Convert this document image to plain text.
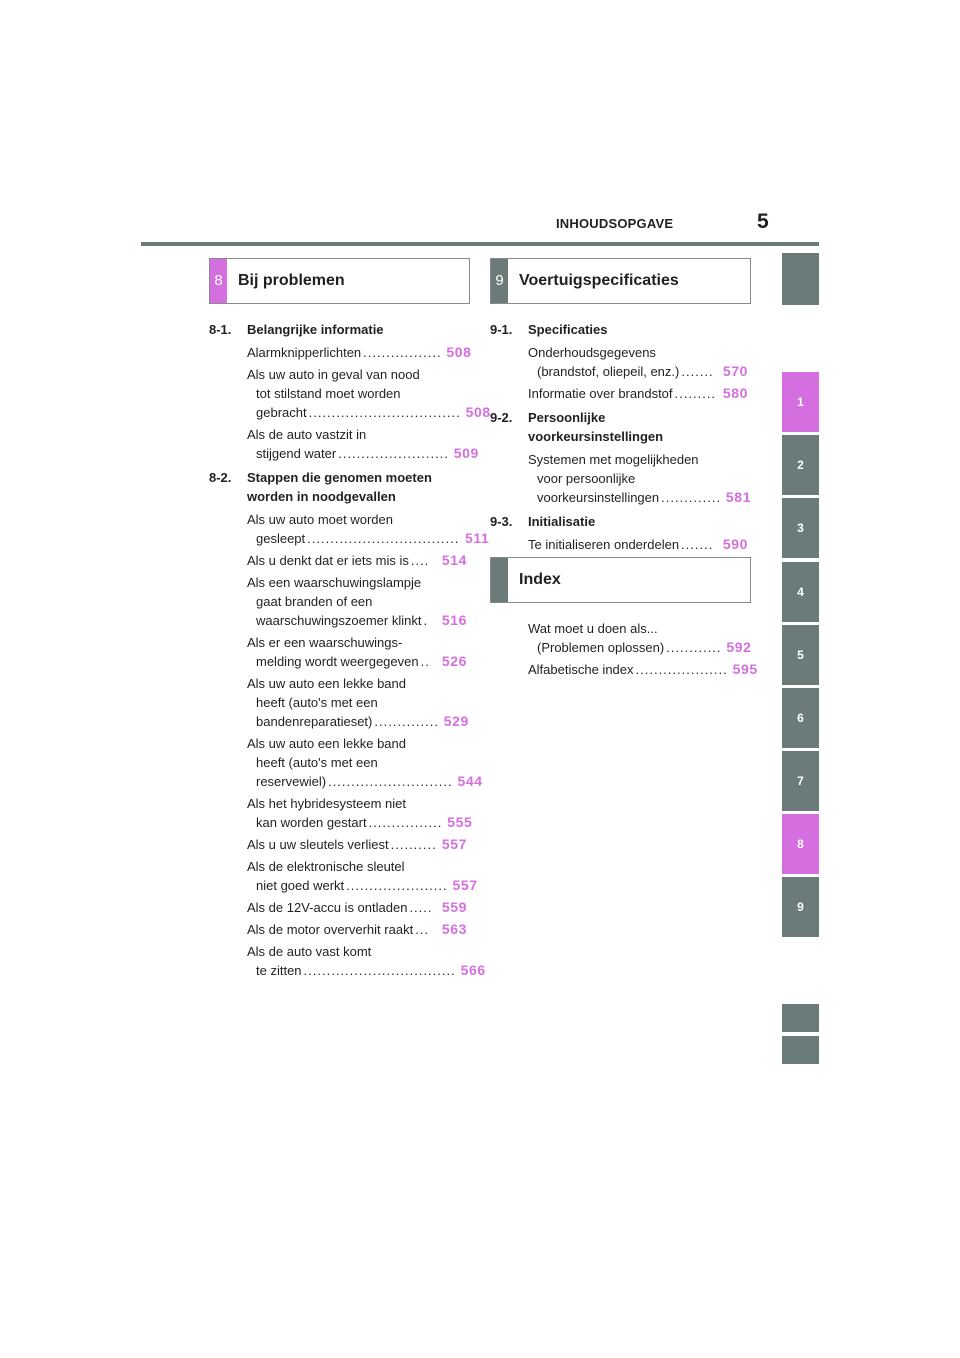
INHOUDSOPGAVE	5
8 Bij problemen	9 Voertuigspecificaties
Index
8-1. Belangrijke informatie
Alarmknipperlichten ................. 508
Als uw auto in geval van nood
tot stilstand moet worden
gebracht ................................. 508
Als de auto vastzit in
stijgend water ........................ 509
8-2. Stappen die genomen moeten
worden in noodgevallen
Als uw auto moet worden
gesleept ................................. 511
Als u denkt dat er iets mis is .... 514
Als een waarschuwingslampje
gaat branden of een
waarschuwingszoemer klinkt . 516
Als er een waarschuwings-
melding wordt weergegeven .. 526
Als uw auto een lekke band
heeft (auto's met een
bandenreparatieset) .............. 529
Als uw auto een lekke band
heeft (auto's met een
reservewiel) ........................... 544
Als het hybridesysteem niet
kan worden gestart ................ 555
Als u uw sleutels verliest .......... 557
Als de elektronische sleutel
niet goed werkt ...................... 557
Als de 12V-accu is ontladen ..... 559
Als de motor oververhit raakt ... 563
Als de auto vast komt
te zitten ................................. 566
9-1. Specificaties
Onderhoudsgegevens
(brandstof, oliepeil, enz.) ....... 570
Informatie over brandstof ......... 580
9-2. Persoonlijke
voorkeursinstellingen
Systemen met mogelijkheden
voor persoonlijke
voorkeursinstellingen ............. 581
9-3. Initialisatie
Te initialiseren onderdelen ....... 590
Wat moet u doen als...
(Problemen oplossen) ............ 592
Alfabetische index .................... 595
1
2
3
4
5
6
7
8
9
